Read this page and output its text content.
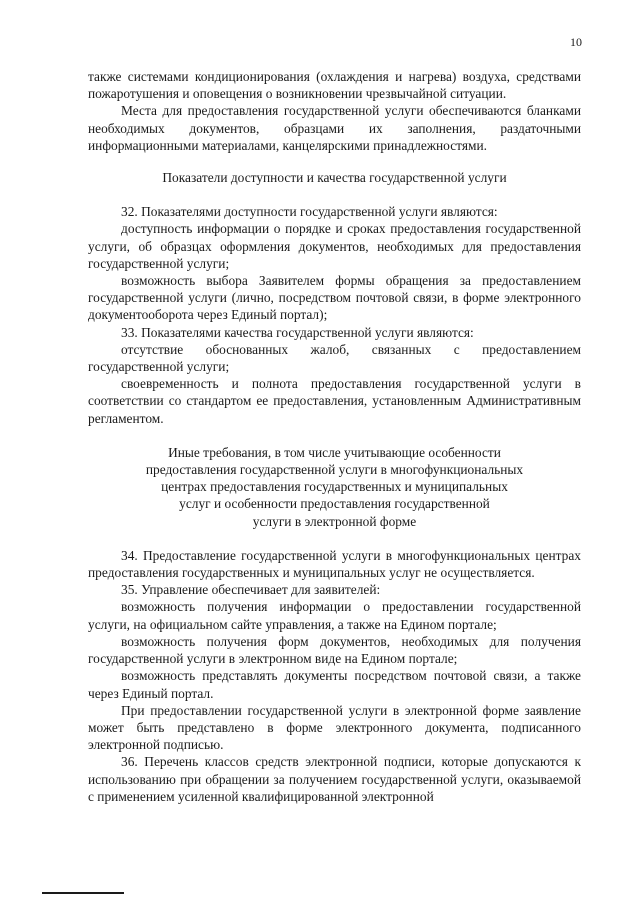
10

также системами кондиционирования (охлаждения и нагрева) воздуха, средствами пожаротушения и оповещения о возникновении чрезвычайной ситуации.

Места для предоставления государственной услуги обеспечиваются бланками необходимых документов, образцами их заполнения, раздаточными информационными материалами, канцелярскими принадлежностями.

Показатели доступности и качества государственной услуги

32. Показателями доступности государственной услуги являются:

доступность информации о порядке и сроках предоставления государственной услуги, об образцах оформления документов, необходимых для предоставления государственной услуги;

возможность выбора Заявителем формы обращения за предоставлением государственной услуги (лично, посредством почтовой связи, в форме электронного документооборота через Единый портал);

33. Показателями качества государственной услуги являются:

отсутствие обоснованных жалоб, связанных с предоставлением государственной услуги;

своевременность и полнота предоставления государственной услуги в соответствии со стандартом ее предоставления, установленным Административным регламентом.

Иные требования, в том числе учитывающие особенности
предоставления государственной услуги в многофункциональных
центрах предоставления государственных и муниципальных
услуг и особенности предоставления государственной
услуги в электронной форме

34. Предоставление государственной услуги в многофункциональных центрах предоставления государственных и муниципальных услуг не осуществляется.

35. Управление обеспечивает для заявителей:

возможность получения информации о предоставлении государственной услуги, на официальном сайте управления, а также на Едином портале;

возможность получения форм документов, необходимых для получения государственной услуги в электронном виде на Едином портале;

возможность представлять документы посредством почтовой связи, а также через Единый портал.

При предоставлении государственной услуги в электронной форме заявление может быть представлено в форме электронного документа, подписанного электронной подписью.

36. Перечень классов средств электронной подписи, которые допускаются к использованию при обращении за получением государственной услуги, оказываемой с применением усиленной квалифицированной электронной
